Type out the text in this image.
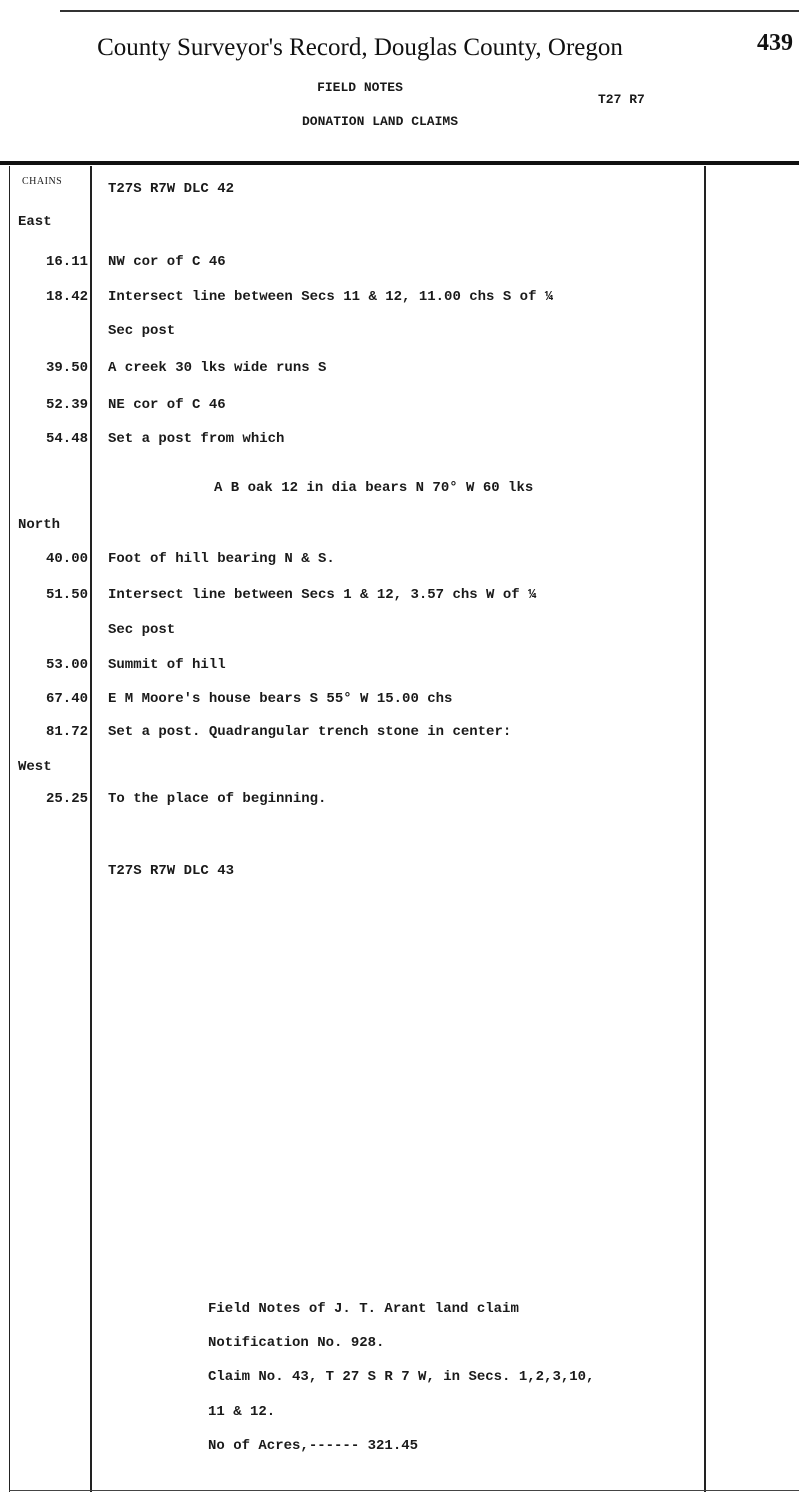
County Surveyor's Record, Douglas County, Oregon	439
FIELD NOTES
T27 R7
DONATION LAND CLAIMS
CHAINS	T27S R7W DLC 42
East
16.11 NW cor of C 46
18.42 Intersect line between Secs 11 & 12, 11.00 chs S of ¼
Sec post
39.50 A creek 30 lks wide runs S
52.39 NE cor of C 46
54.48 Set a post from which
A B oak 12 in dia bears N 70° W 60 lks
North
40.00 Foot of hill bearing N & S.
51.50 Intersect line between Secs 1 & 12, 3.57 chs W of ¼
Sec post
53.00 Summit of hill
67.40 E M Moore's house bears S 55° W 15.00 chs
81.72 Set a post. Quadrangular trench stone in center:
West
25.25 To the place of beginning.
T27S R7W DLC 43
Field Notes of J. T. Arant land claim
Notification No. 928.
Claim No. 43, T 27 S R 7 W, in Secs. 1,2,3,10,
11 & 12.
No of Acres,------ 321.45
